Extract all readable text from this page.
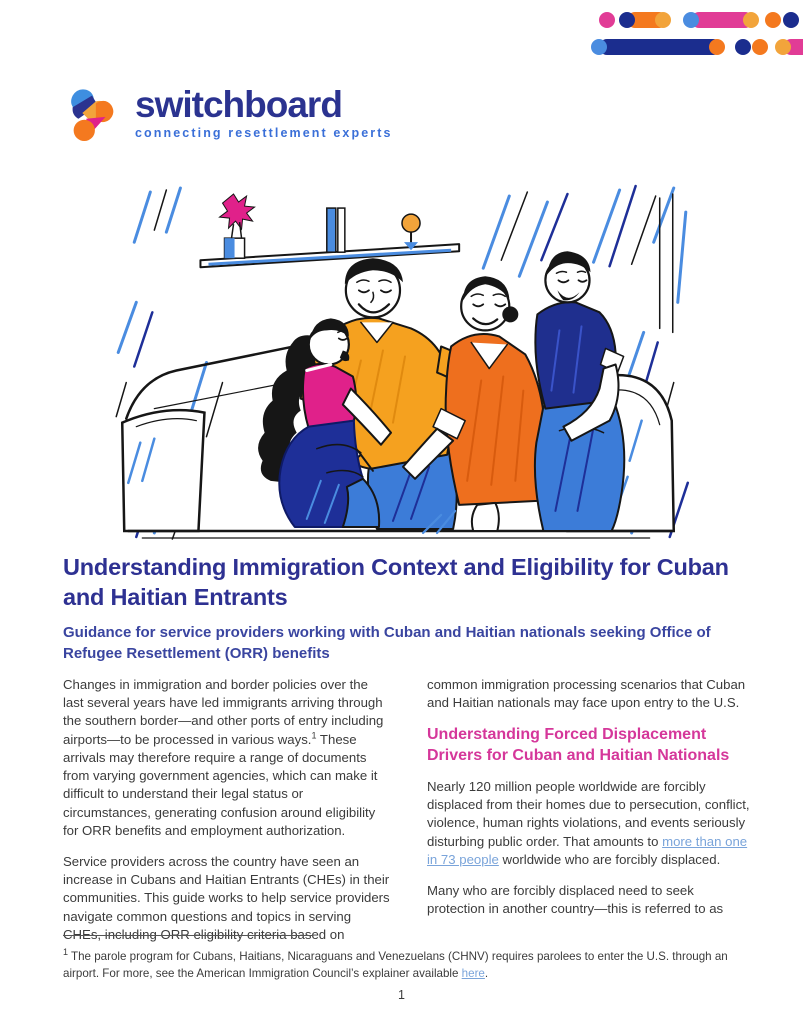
switchboard
connecting resettlement experts
Understanding Immigration Context and Eligibility for Cuban and Haitian Entrants
Guidance for service providers working with Cuban and Haitian nationals seeking Office of Refugee Resettlement (ORR) benefits

Changes in immigration and border policies over the last several years have led immigrants arriving through the southern border—and other ports of entry including airports—to be processed in various ways.$^1$ These arrivals may therefore require a range of documents from varying government agencies, which can make it difficult to understand their legal status or circumstances, generating confusion around eligibility for ORR benefits and employment authorization.

Service providers across the country have seen an increase in Cubans and Haitian Entrants (CHEs) in their communities. This guide works to help service providers navigate common questions and topics in serving CHEs, including ORR eligibility criteria based on

common immigration processing scenarios that Cuban and Haitian nationals may face upon entry to the U.S.

Understanding Forced Displacement Drivers for Cuban and Haitian Nationals

Nearly 120 million people worldwide are forcibly displaced from their homes due to persecution, conflict, violence, human rights violations, and events seriously disturbing public order. That amounts to more than one in 73 people worldwide who are forcibly displaced.

Many who are forcibly displaced need to seek protection in another country—this is referred to as

$^1$ The parole program for Cubans, Haitians, Nicaraguans and Venezuelans (CHNV) requires parolees to enter the U.S. through an airport. For more, see the American Immigration Council’s explainer available here.
1
